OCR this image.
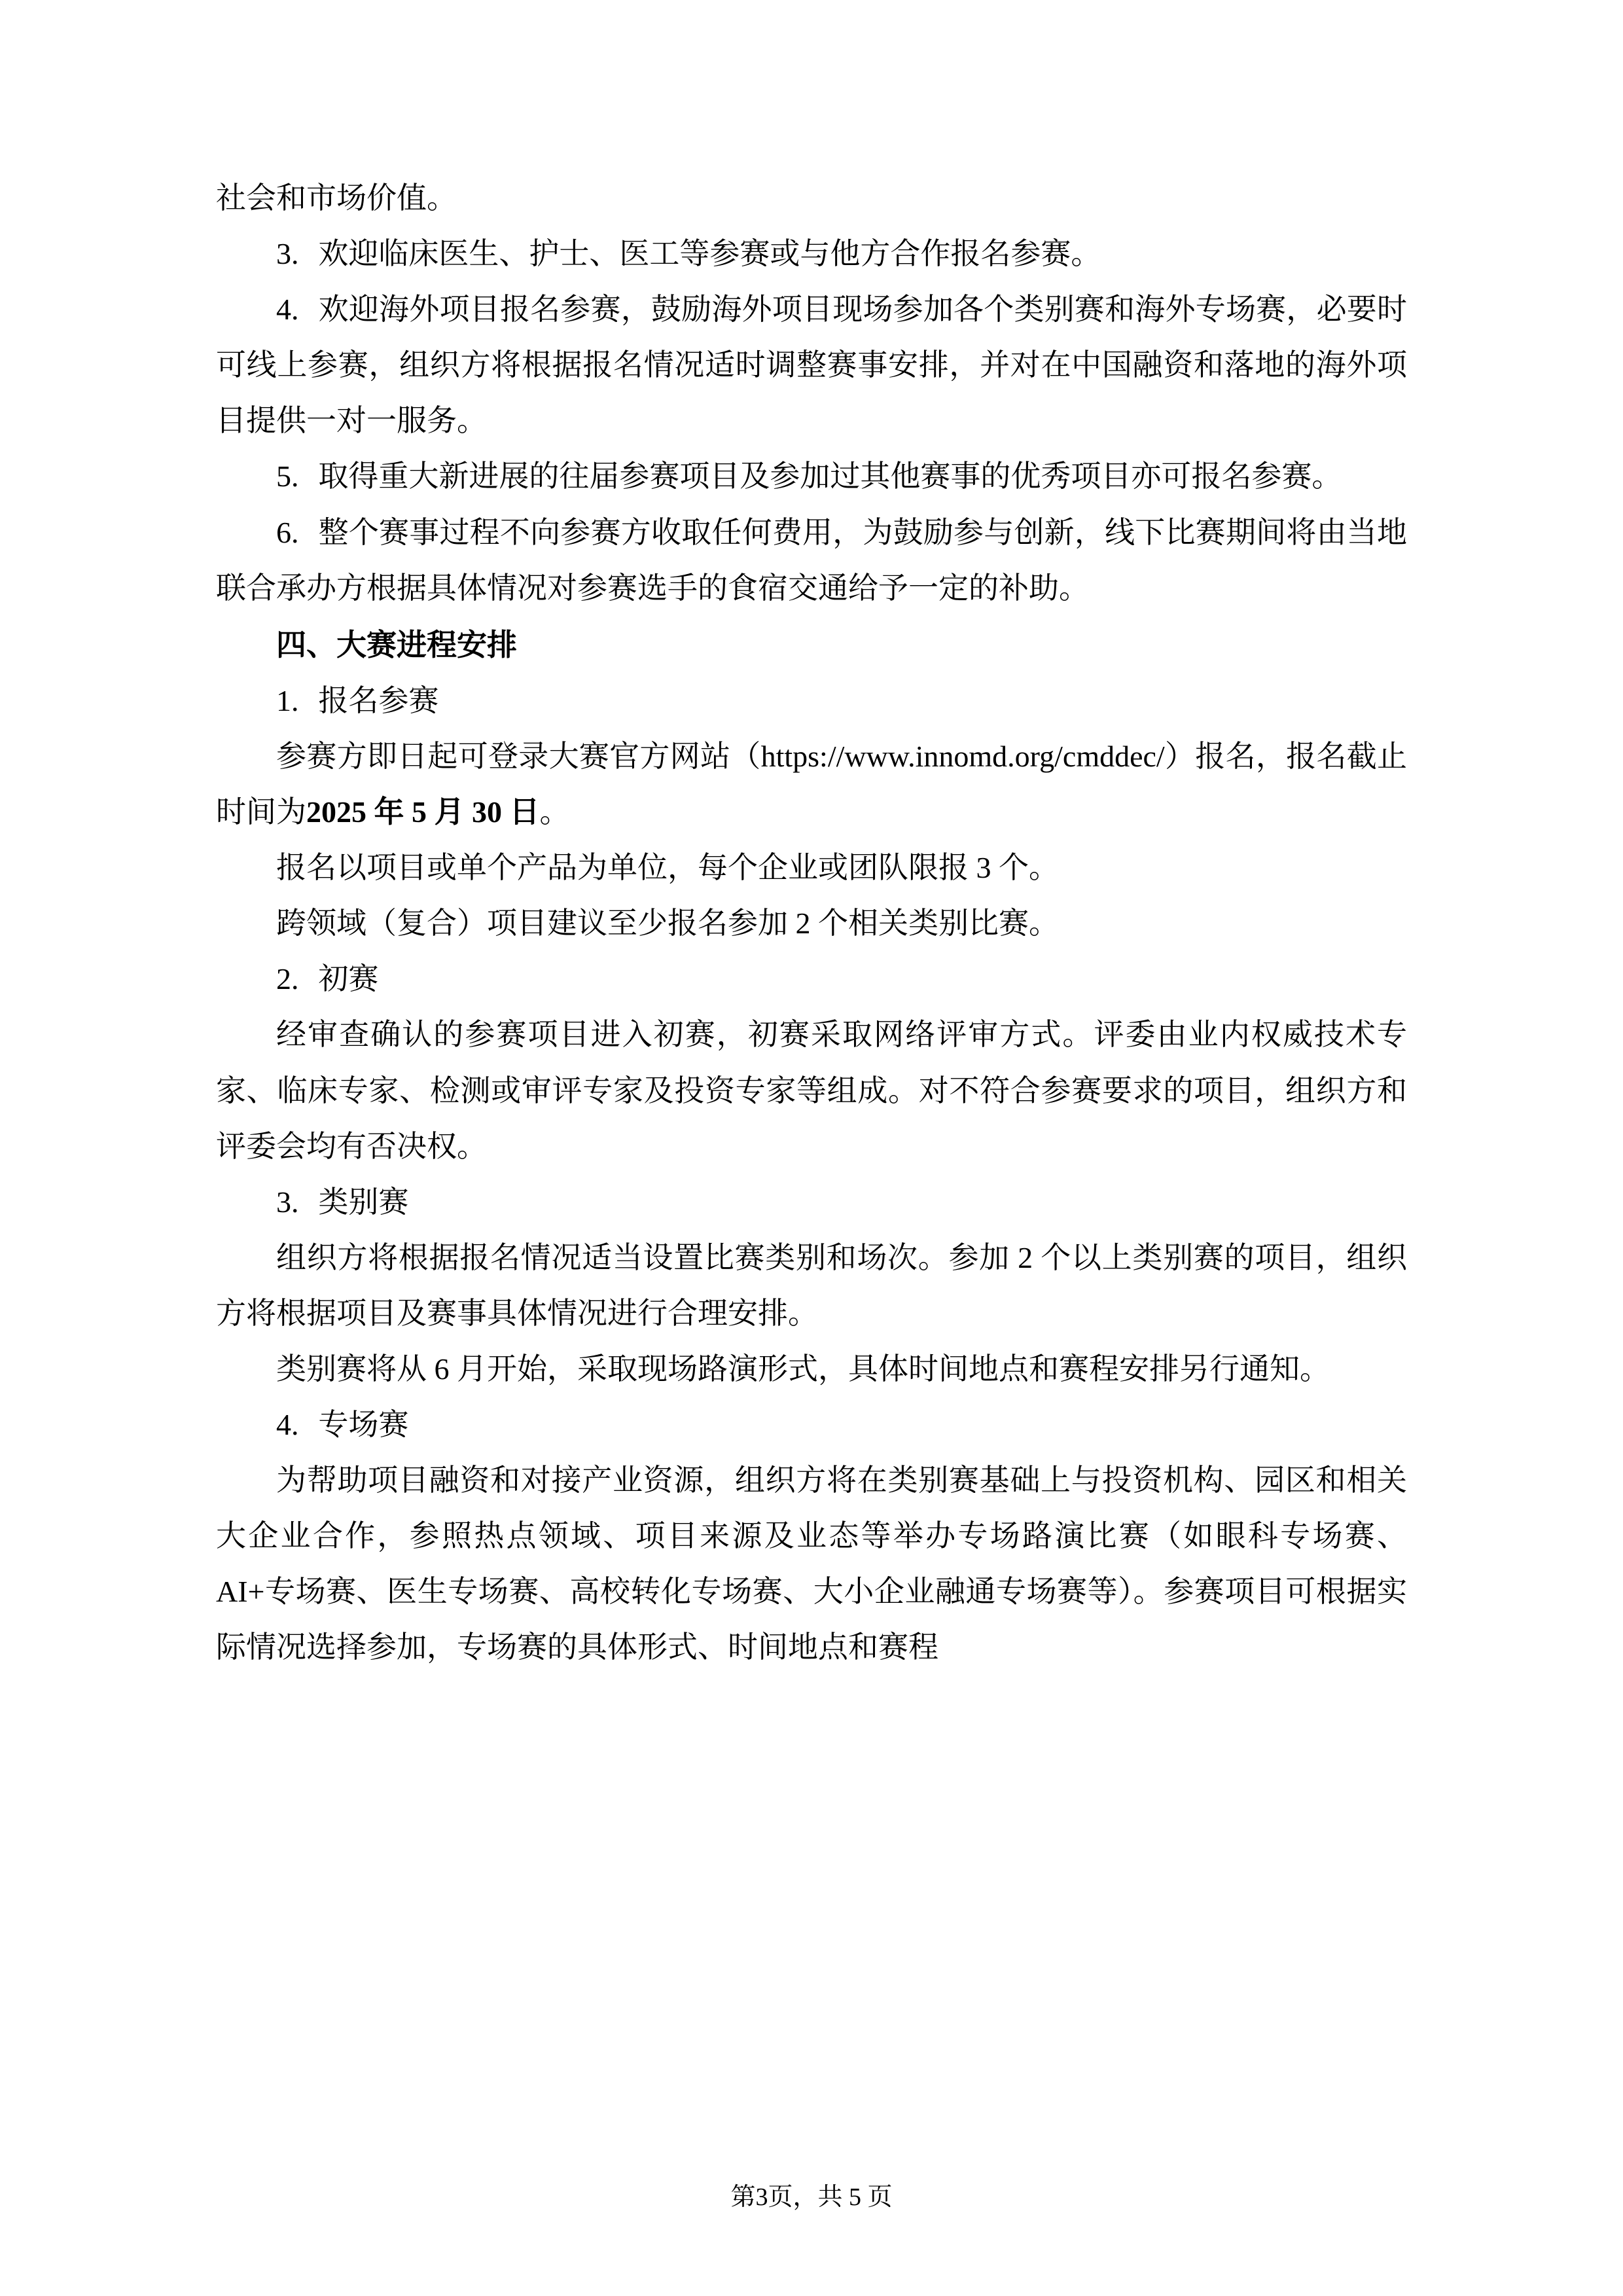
社会和市场价值。

3. 欢迎临床医生、护士、医工等参赛或与他方合作报名参赛。

4. 欢迎海外项目报名参赛，鼓励海外项目现场参加各个类别赛和海外专场赛，必要时可线上参赛，组织方将根据报名情况适时调整赛事安排，并对在中国融资和落地的海外项目提供一对一服务。

5. 取得重大新进展的往届参赛项目及参加过其他赛事的优秀项目亦可报名参赛。

6. 整个赛事过程不向参赛方收取任何费用，为鼓励参与创新，线下比赛期间将由当地联合承办方根据具体情况对参赛选手的食宿交通给予一定的补助。

四、大赛进程安排

1. 报名参赛

参赛方即日起可登录大赛官方网站（https://www.innomd.org/cmddec/）报名，报名截止时间为2025 年 5 月 30 日。

报名以项目或单个产品为单位，每个企业或团队限报 3 个。

跨领域（复合）项目建议至少报名参加 2 个相关类别比赛。

2. 初赛

经审查确认的参赛项目进入初赛，初赛采取网络评审方式。评委由业内权威技术专家、临床专家、检测或审评专家及投资专家等组成。对不符合参赛要求的项目，组织方和评委会均有否决权。

3. 类别赛

组织方将根据报名情况适当设置比赛类别和场次。参加 2 个以上类别赛的项目，组织方将根据项目及赛事具体情况进行合理安排。

类别赛将从 6 月开始，采取现场路演形式，具体时间地点和赛程安排另行通知。

4. 专场赛

为帮助项目融资和对接产业资源，组织方将在类别赛基础上与投资机构、园区和相关大企业合作，参照热点领域、项目来源及业态等举办专场路演比赛（如眼科专场赛、AI+专场赛、医生专场赛、高校转化专场赛、大小企业融通专场赛等）。参赛项目可根据实际情况选择参加，专场赛的具体形式、时间地点和赛程

第3页，共 5 页
